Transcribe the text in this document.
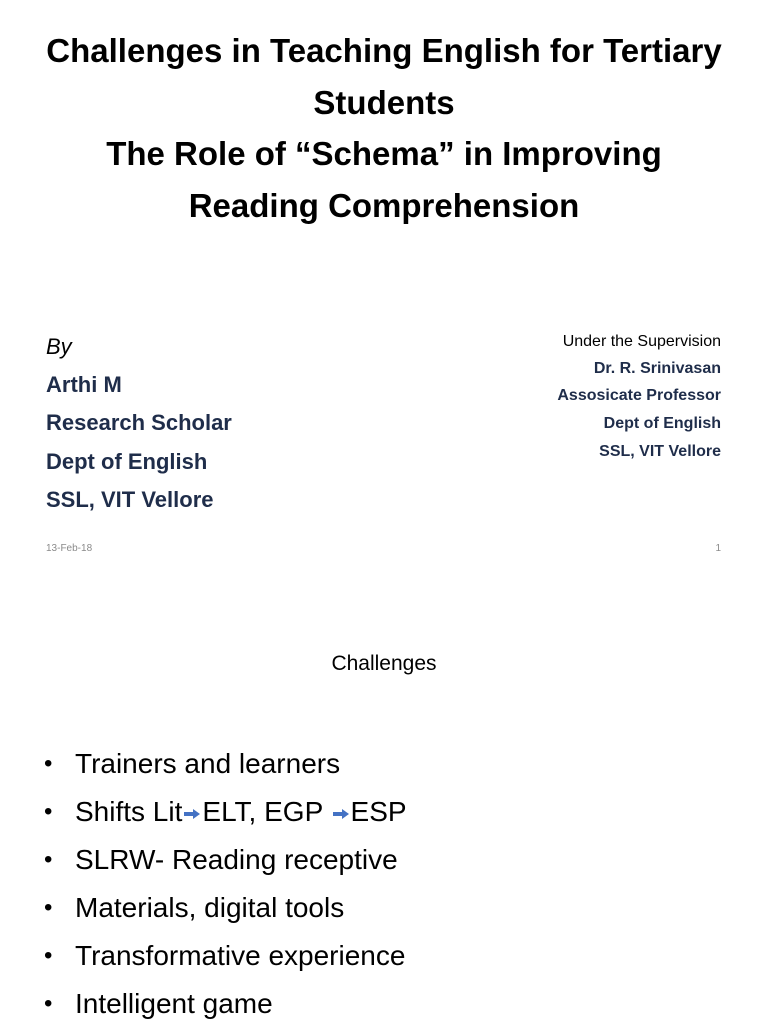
Challenges in Teaching English for Tertiary
Students
The Role of “Schema” in Improving
Reading Comprehension
By
Arthi M
Research Scholar
Dept of English
SSL, VIT Vellore
Under the Supervision
Dr. R. Srinivasan
Assosicate Professor
Dept of English
SSL, VIT Vellore
13-Feb-18	1
Challenges
• Trainers and learners
• Shifts Lit ELT, EGP ESP
• SLRW- Reading receptive
• Materials, digital tools
• Transformative experience
• Intelligent game
